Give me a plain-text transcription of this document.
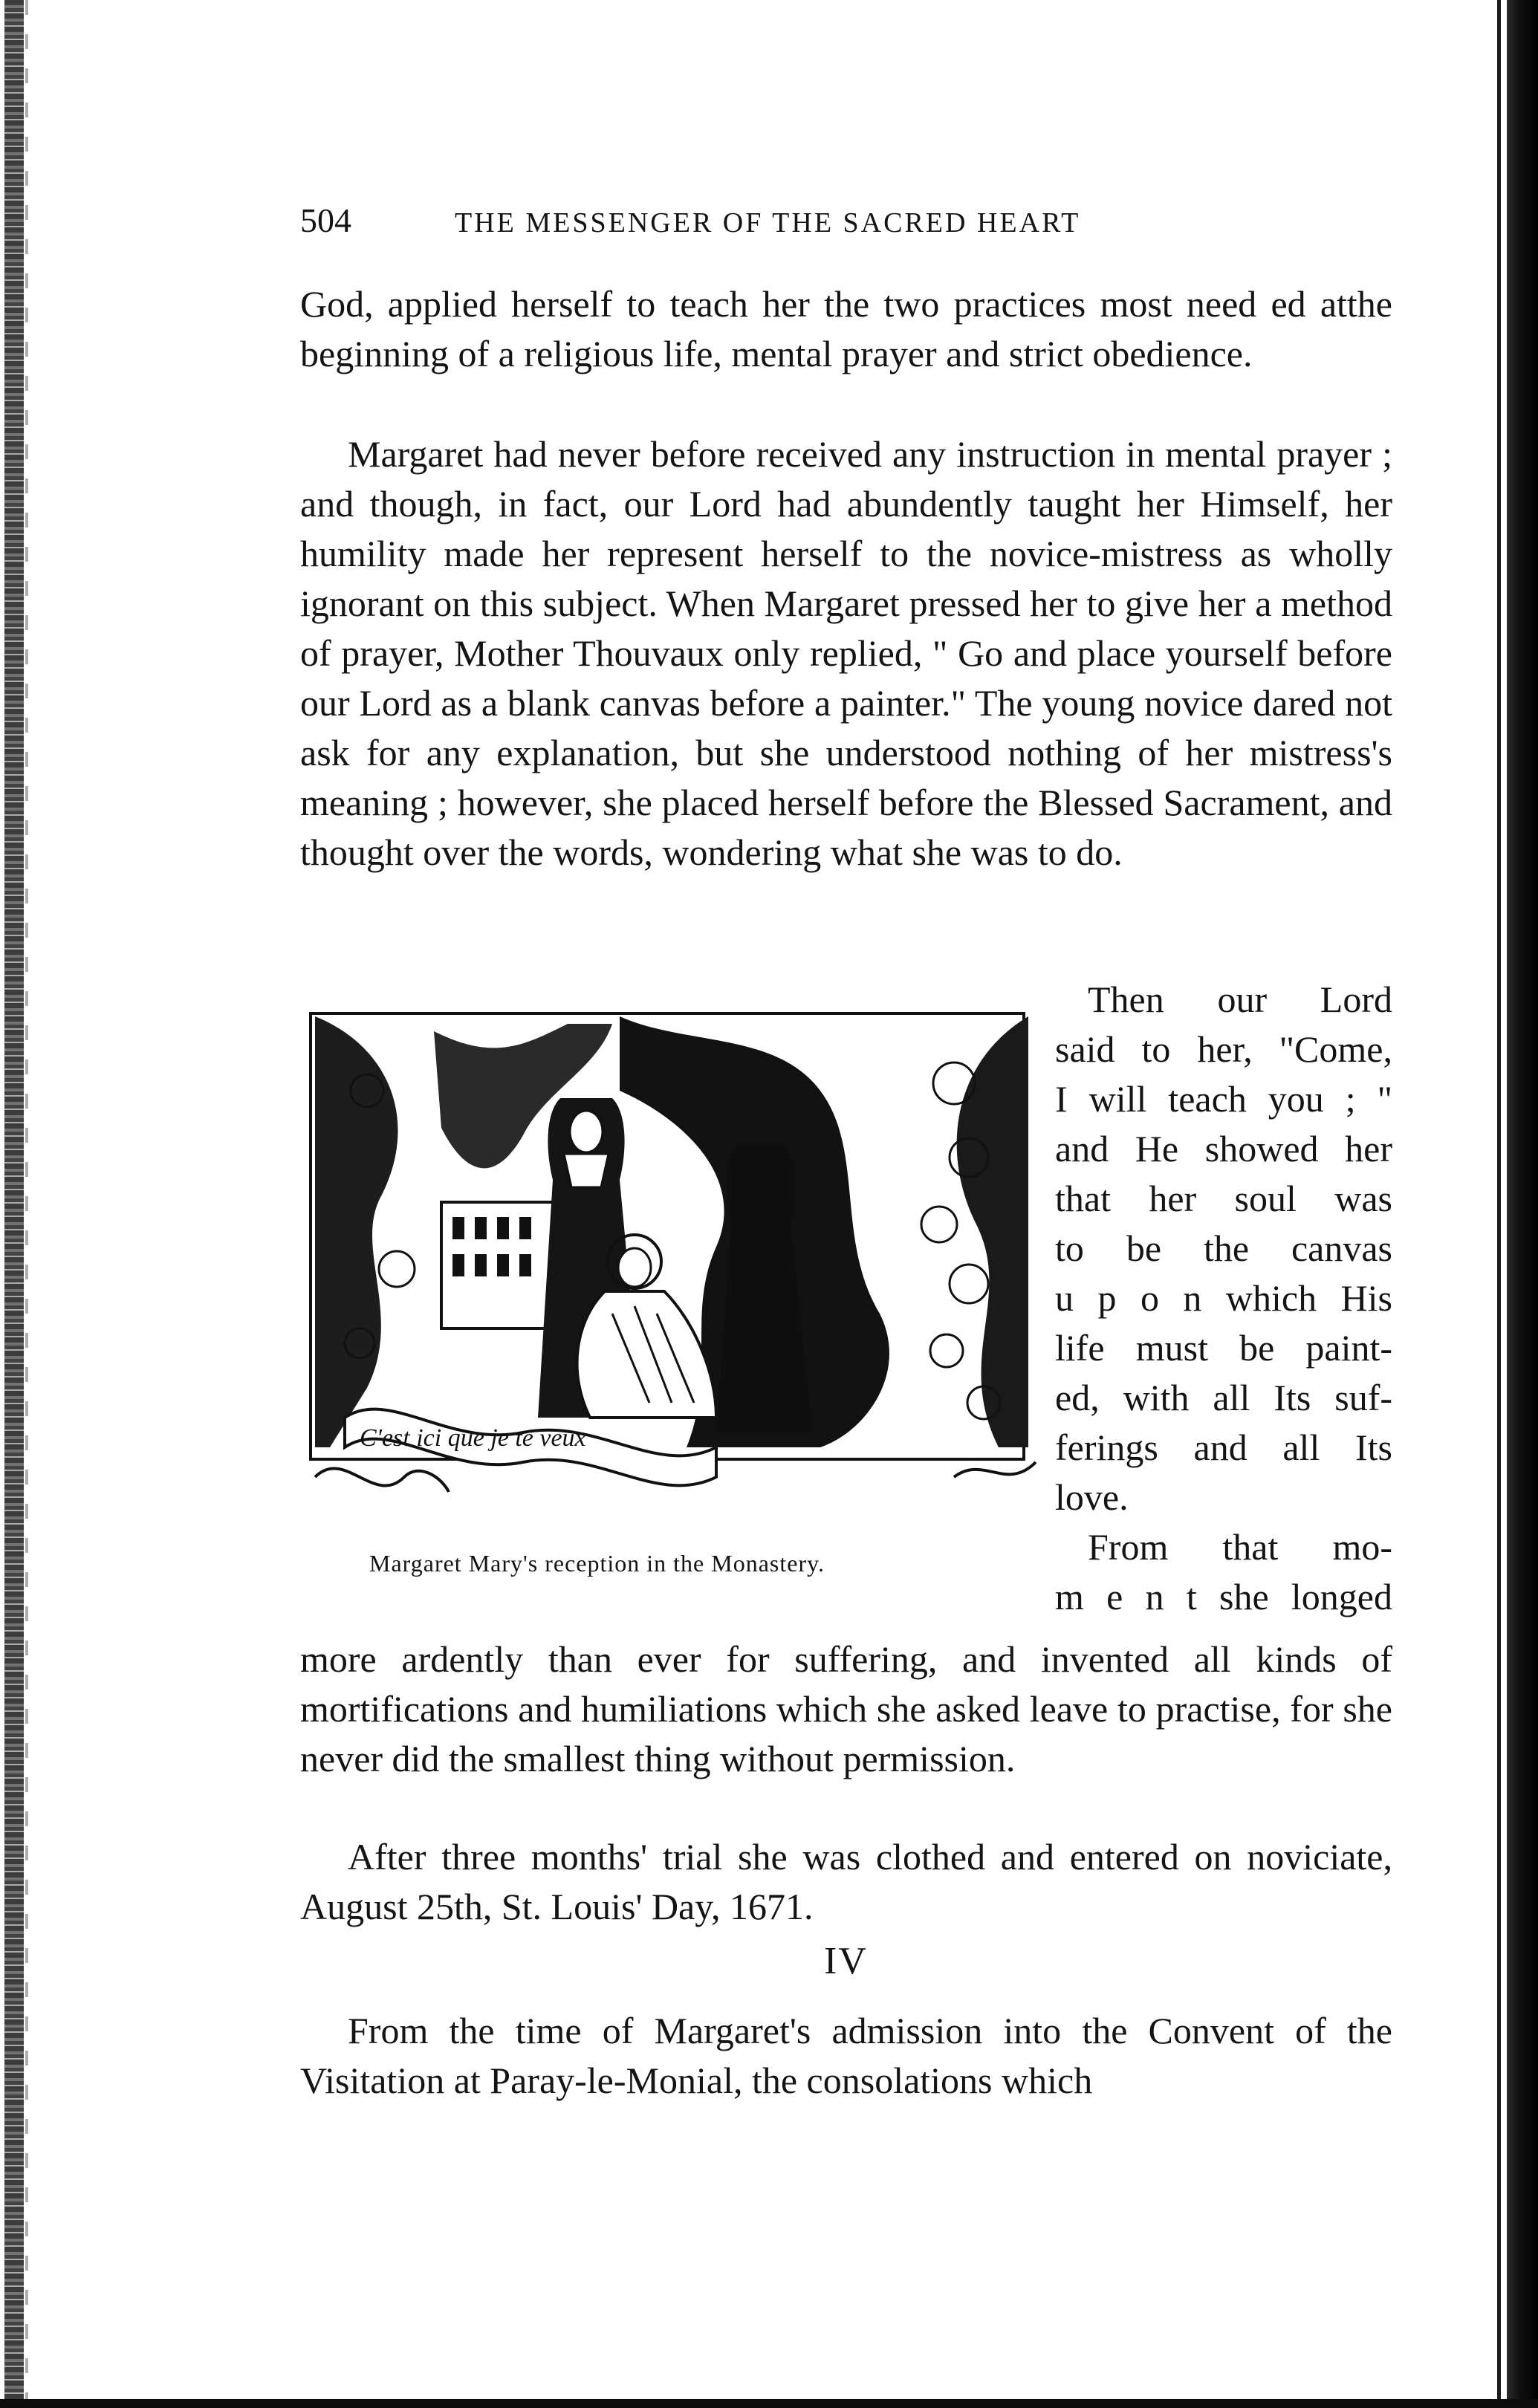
504	THE MESSENGER OF THE SACRED HEART
God, applied herself to teach her the two practices most need ed atthe beginning of a religious life, mental prayer and strict obedience.
Margaret had never before received any instruction in mental prayer ; and though, in fact, our Lord had abundently taught her Himself, her humility made her represent herself to the novice-mistress as wholly ignorant on this subject. When Margaret pressed her to give her a method of prayer, Mother Thouvaux only replied, " Go and place yourself before our Lord as a blank canvas before a painter." The young novice dared not ask for any explanation, but she understood nothing of her mistress's meaning ; however, she placed herself before the Blessed Sacrament, and thought over the words, wondering what she was to do.
C'est ici que je te veux
Margaret Mary's reception in the Monastery.
Then our Lord
said to her, "Come,
I will teach you ; "
and He showed her
that her soul was
to be the canvas
u p o n which His
life must be paint-
ed, with all Its suf-
ferings and all Its
love.
From that mo-
m e n t she longed
more ardently than ever for suffering, and invented all kinds of mortifications and humiliations which she asked leave to practise, for she never did the smallest thing without permission.
After three months' trial she was clothed and entered on noviciate, August 25th, St. Louis' Day, 1671.
IV
From the time of Margaret's admission into the Convent of the Visitation at Paray-le-Monial, the consolations which
